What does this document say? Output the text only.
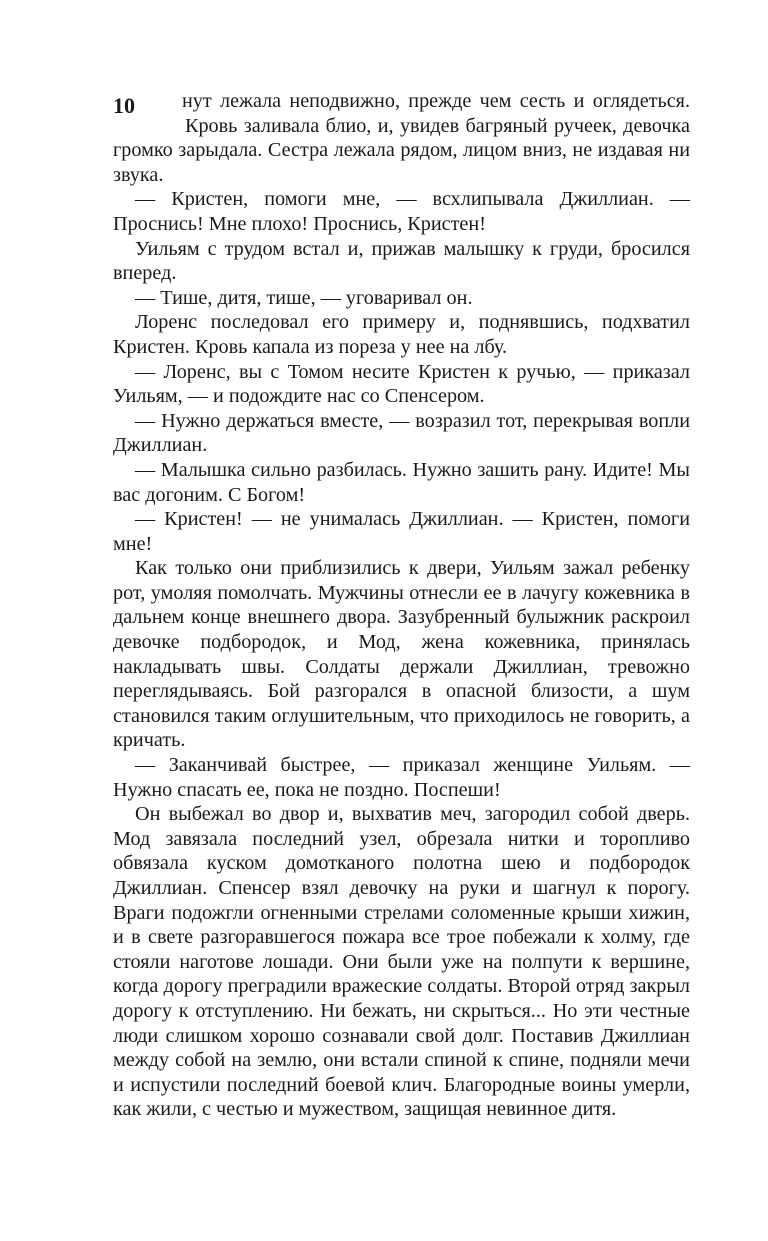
10 нут лежала неподвижно, прежде чем сесть и оглядеться.

Кровь заливала блио, и, увидев багряный ручеек, девочка громко зарыдала. Сестра лежала рядом, лицом вниз, не издавая ни звука.

— Кристен, помоги мне, — всхлипывала Джиллиан. — Проснись! Мне плохо! Проснись, Кристен!

Уильям с трудом встал и, прижав малышку к груди, бросился вперед.

— Тише, дитя, тише, — уговаривал он.

Лоренс последовал его примеру и, поднявшись, подхватил Кристен. Кровь капала из пореза у нее на лбу.

— Лоренс, вы с Томом несите Кристен к ручью, — приказал Уильям, — и подождите нас со Спенсером.

— Нужно держаться вместе, — возразил тот, перекрывая вопли Джиллиан.

— Малышка сильно разбилась. Нужно зашить рану. Идите! Мы вас догоним. С Богом!

— Кристен! — не унималась Джиллиан. — Кристен, помоги мне!

Как только они приблизились к двери, Уильям зажал ребенку рот, умоляя помолчать. Мужчины отнесли ее в лачугу кожевника в дальнем конце внешнего двора. Зазубренный булыжник раскроил девочке подбородок, и Мод, жена кожевника, принялась накладывать швы. Солдаты держали Джиллиан, тревожно переглядываясь. Бой разгорался в опасной близости, а шум становился таким оглушительным, что приходилось не говорить, а кричать.

— Заканчивай быстрее, — приказал женщине Уильям. — Нужно спасать ее, пока не поздно. Поспеши!

Он выбежал во двор и, выхватив меч, загородил собой дверь. Мод завязала последний узел, обрезала нитки и торопливо обвязала куском домотканого полотна шею и подбородок Джиллиан. Спенсер взял девочку на руки и шагнул к порогу. Враги подожгли огненными стрелами соломенные крыши хижин, и в свете разгоравшегося пожара все трое побежали к холму, где стояли наготове лошади. Они были уже на полпути к вершине, когда дорогу преградили вражеские солдаты. Второй отряд закрыл дорогу к отступлению. Ни бежать, ни скрыться... Но эти честные люди слишком хорошо сознавали свой долг. Поставив Джиллиан между собой на землю, они встали спиной к спине, подняли мечи и испустили последний боевой клич. Благородные воины умерли, как жили, с честью и мужеством, защищая невинное дитя.
